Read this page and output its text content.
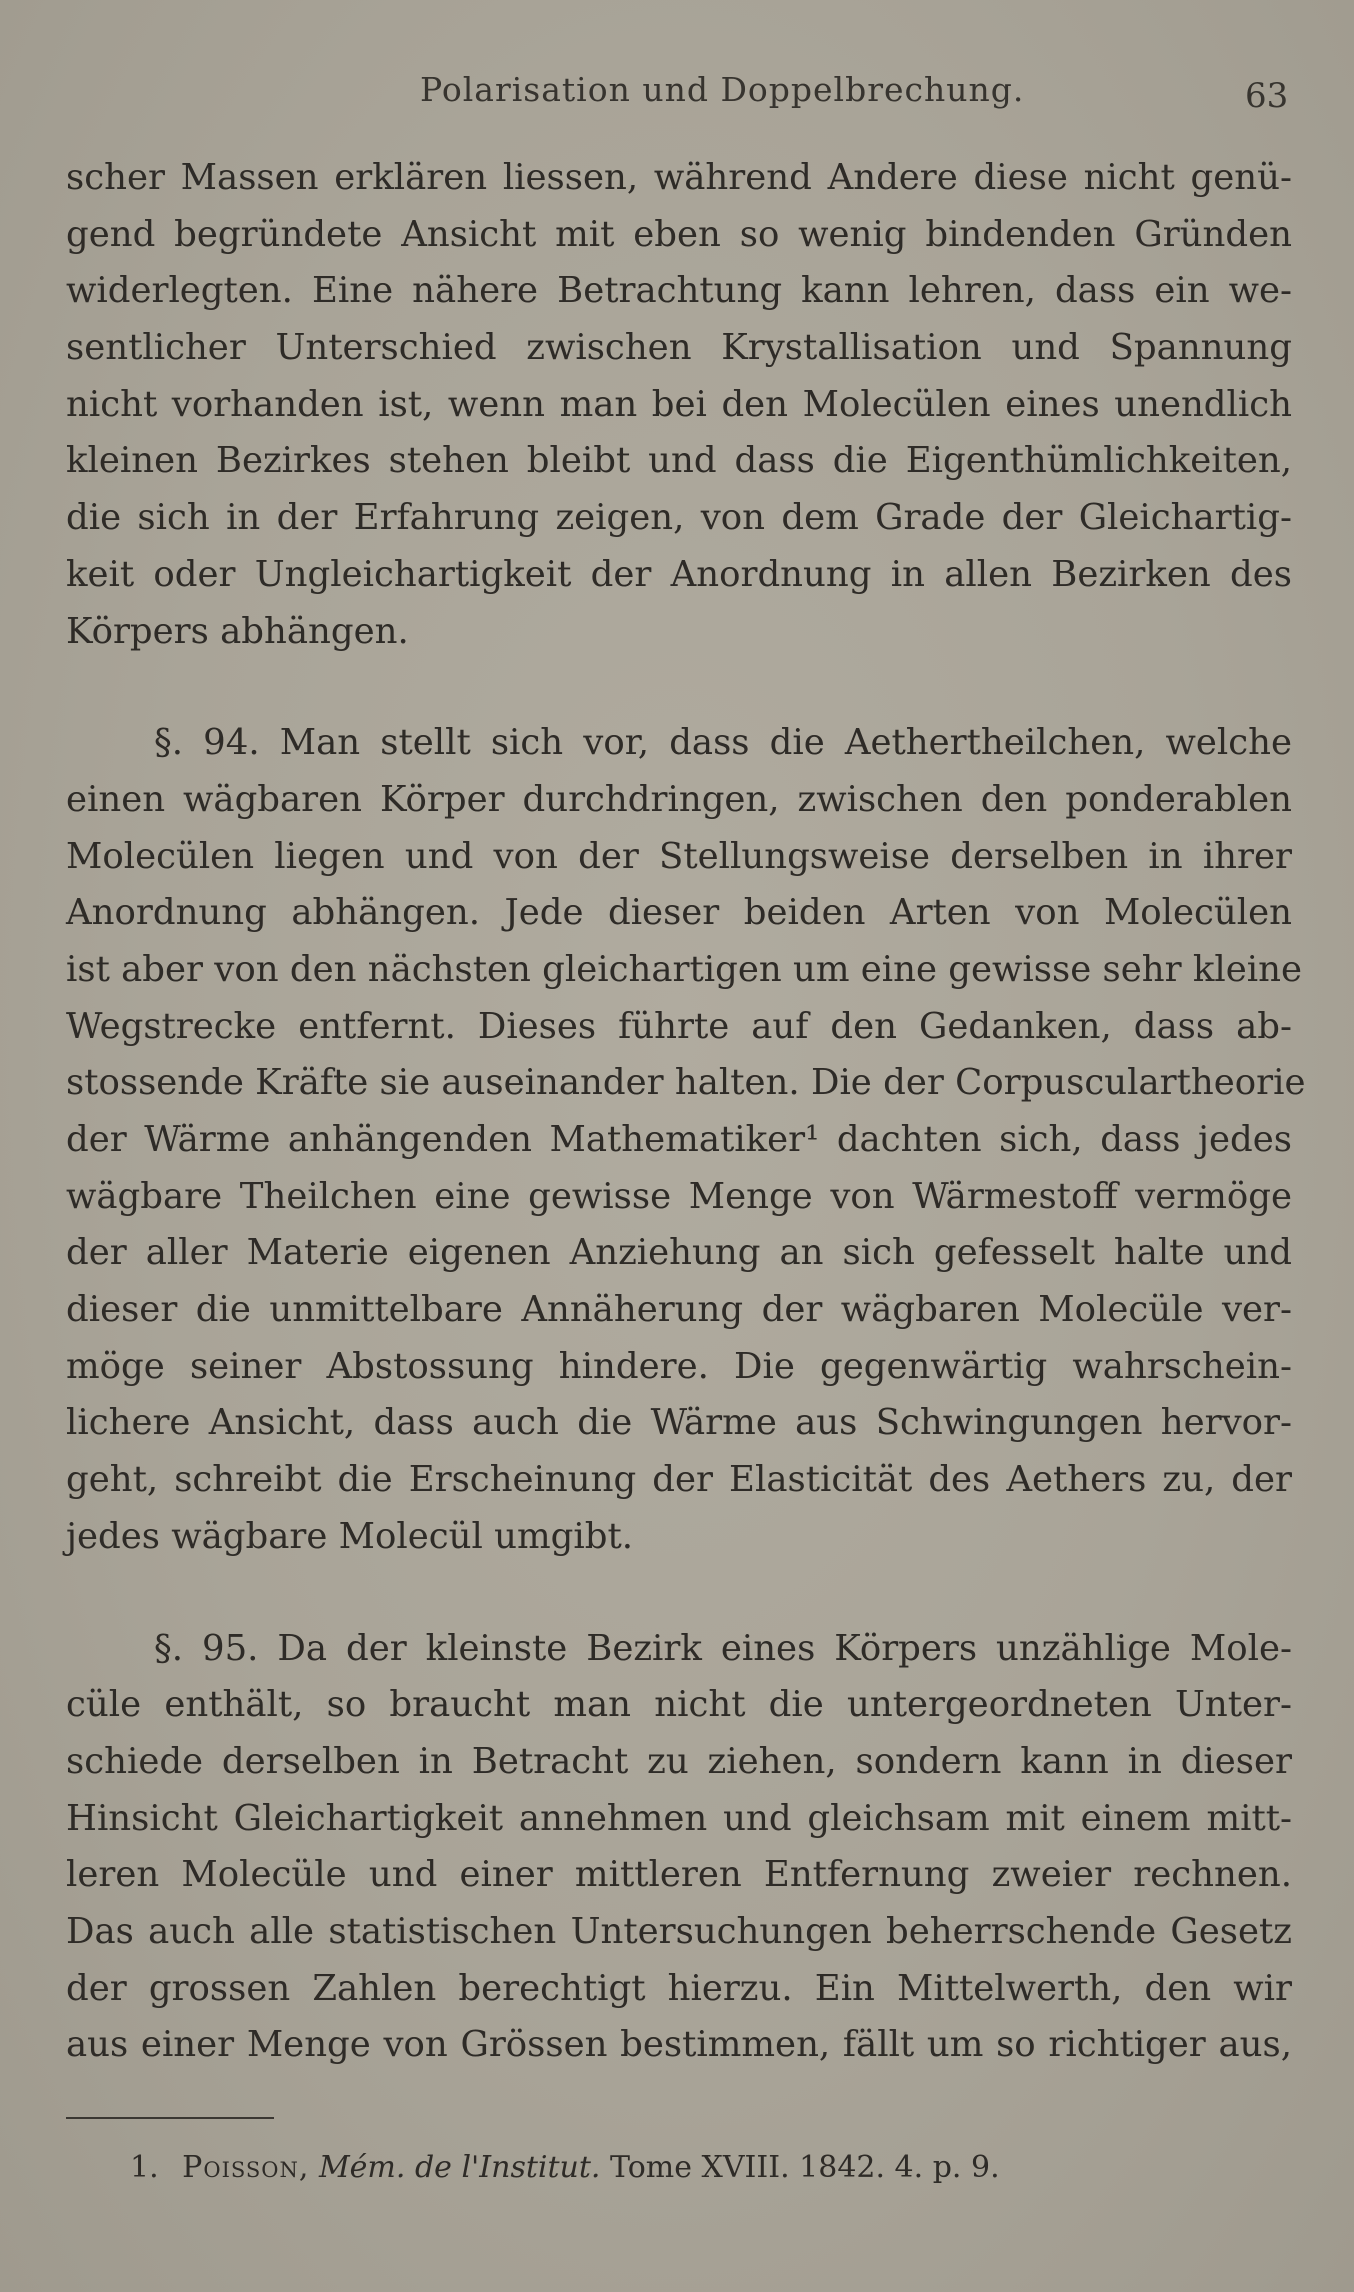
Polarisation und Doppelbrechung.	63
scher Massen erklären liessen, während Andere diese nicht genü-
gend begründete Ansicht mit eben so wenig bindenden Gründen
widerlegten. Eine nähere Betrachtung kann lehren, dass ein we-
sentlicher Unterschied zwischen Krystallisation und Spannung
nicht vorhanden ist, wenn man bei den Molecülen eines unendlich
kleinen Bezirkes stehen bleibt und dass die Eigenthümlichkeiten,
die sich in der Erfahrung zeigen, von dem Grade der Gleichartig-
keit oder Ungleichartigkeit der Anordnung in allen Bezirken des
Körpers abhängen.
§. 94. Man stellt sich vor, dass die Aethertheilchen, welche
einen wägbaren Körper durchdringen, zwischen den ponderablen
Molecülen liegen und von der Stellungsweise derselben in ihrer
Anordnung abhängen. Jede dieser beiden Arten von Molecülen
ist aber von den nächsten gleichartigen um eine gewisse sehr kleine
Wegstrecke entfernt. Dieses führte auf den Gedanken, dass ab-
stossende Kräfte sie auseinander halten. Die der Corpusculartheorie
der Wärme anhängenden Mathematiker¹ dachten sich, dass jedes
wägbare Theilchen eine gewisse Menge von Wärmestoff vermöge
der aller Materie eigenen Anziehung an sich gefesselt halte und
dieser die unmittelbare Annäherung der wägbaren Molecüle ver-
möge seiner Abstossung hindere. Die gegenwärtig wahrschein-
lichere Ansicht, dass auch die Wärme aus Schwingungen hervor-
geht, schreibt die Erscheinung der Elasticität des Aethers zu, der
jedes wägbare Molecül umgibt.
§. 95. Da der kleinste Bezirk eines Körpers unzählige Mole-
cüle enthält, so braucht man nicht die untergeordneten Unter-
schiede derselben in Betracht zu ziehen, sondern kann in dieser
Hinsicht Gleichartigkeit annehmen und gleichsam mit einem mitt-
leren Molecüle und einer mittleren Entfernung zweier rechnen.
Das auch alle statistischen Untersuchungen beherrschende Gesetz
der grossen Zahlen berechtigt hierzu. Ein Mittelwerth, den wir
aus einer Menge von Grössen bestimmen, fällt um so richtiger aus,
1. Poisson, Mém. de l'Institut. Tome XVIII. 1842. 4. p. 9.
